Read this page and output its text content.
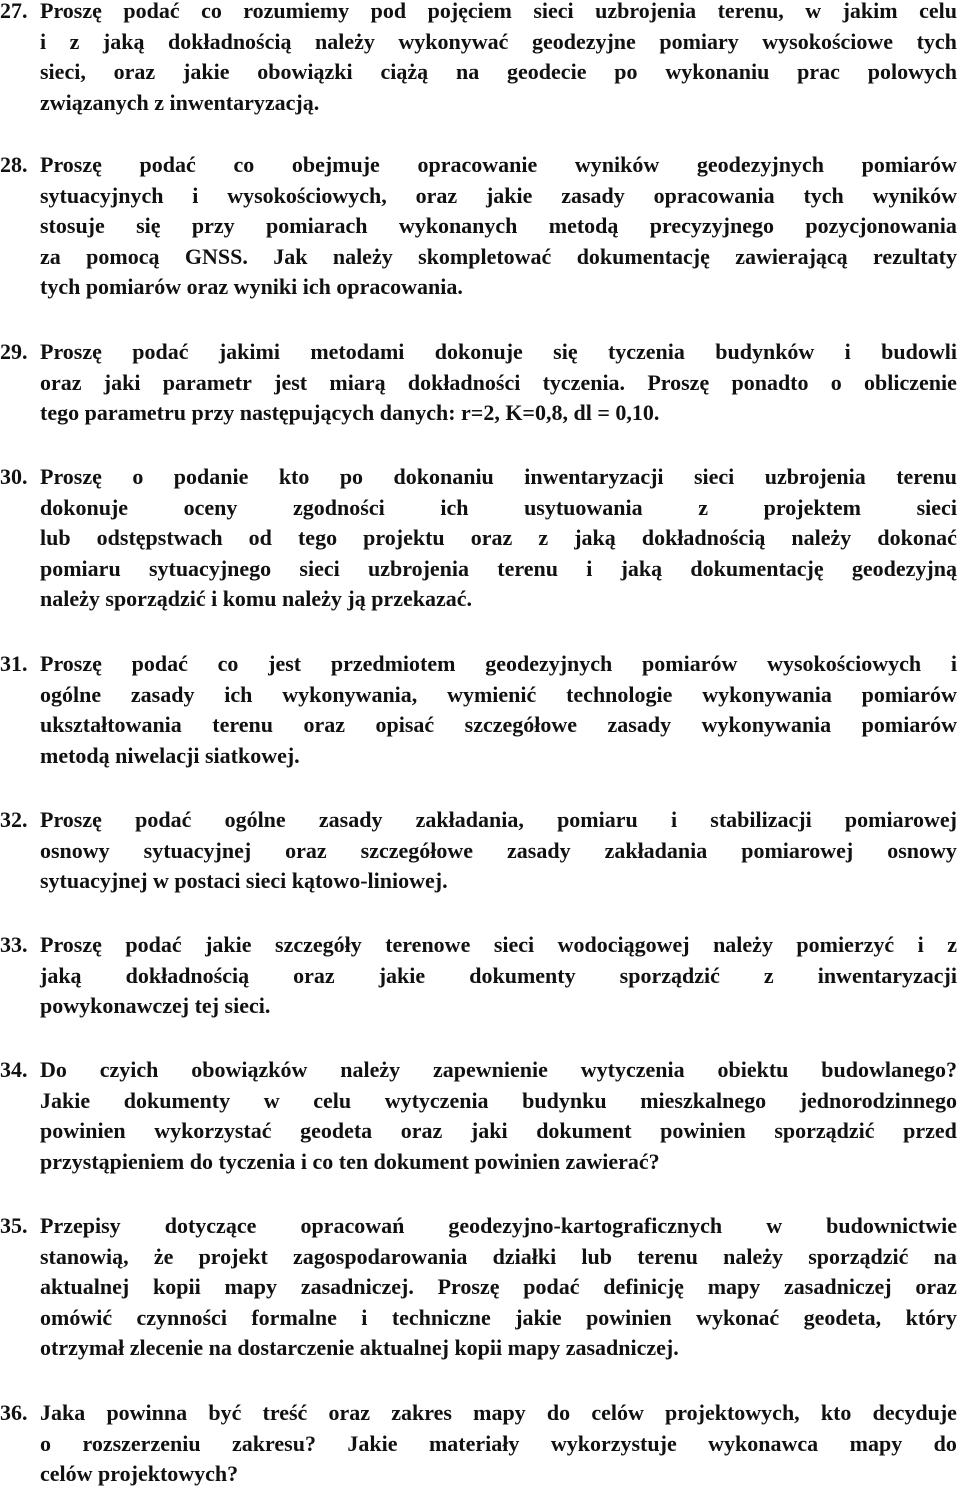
27. Proszę podać co rozumiemy pod pojęciem sieci uzbrojenia terenu, w jakim celu
i z jaką dokładnością należy wykonywać geodezyjne pomiary wysokościowe tych
sieci, oraz jakie obowiązki ciążą na geodecie po wykonaniu prac polowych
związanych z inwentaryzacją.
28. Proszę podać co obejmuje opracowanie wyników geodezyjnych pomiarów
sytuacyjnych i wysokościowych, oraz jakie zasady opracowania tych wyników
stosuje się przy pomiarach wykonanych metodą precyzyjnego pozycjonowania
za pomocą GNSS. Jak należy skompletować dokumentację zawierającą rezultaty
tych pomiarów oraz wyniki ich opracowania.
29. Proszę podać jakimi metodami dokonuje się tyczenia budynków i budowli
oraz jaki parametr jest miarą dokładności tyczenia. Proszę ponadto o obliczenie
tego parametru przy następujących danych: r=2, K=0,8, dl = 0,10.
30. Proszę o podanie kto po dokonaniu inwentaryzacji sieci uzbrojenia terenu
dokonuje	oceny	zgodności	ich	usytuowania	z	projektem	sieci
lub odstępstwach od tego projektu oraz z jaką dokładnością należy dokonać
pomiaru sytuacyjnego sieci uzbrojenia terenu i jaką dokumentację geodezyjną
należy sporządzić i komu należy ją przekazać.
31. Proszę podać co jest przedmiotem geodezyjnych pomiarów wysokościowych i
ogólne zasady ich wykonywania, wymienić technologie wykonywania pomiarów
ukształtowania terenu oraz opisać szczegółowe zasady wykonywania pomiarów
metodą niwelacji siatkowej.
32. Proszę podać ogólne zasady zakładania, pomiaru i stabilizacji pomiarowej
osnowy sytuacyjnej oraz szczegółowe zasady zakładania pomiarowej osnowy
sytuacyjnej w postaci sieci kątowo-liniowej.
33. Proszę podać jakie szczegóły terenowe sieci wodociągowej należy pomierzyć i z
jaką dokładnością oraz jakie dokumenty sporządzić z inwentaryzacji
powykonawczej tej sieci.
34. Do czyich obowiązków należy zapewnienie wytyczenia obiektu budowlanego?
Jakie dokumenty w celu wytyczenia budynku mieszkalnego jednorodzinnego
powinien wykorzystać geodeta oraz jaki dokument powinien sporządzić przed
przystąpieniem do tyczenia i co ten dokument powinien zawierać?
35. Przepisy dotyczące opracowań geodezyjno-kartograficznych w budownictwie
stanowią, że projekt zagospodarowania działki lub terenu należy sporządzić na
aktualnej kopii mapy zasadniczej. Proszę podać definicję mapy zasadniczej oraz
omówić czynności formalne i techniczne jakie powinien wykonać geodeta, który
otrzymał zlecenie na dostarczenie aktualnej kopii mapy zasadniczej.
36. Jaka powinna być treść oraz zakres mapy do celów projektowych, kto decyduje
o rozszerzeniu zakresu? Jakie materiały wykorzystuje wykonawca mapy do
celów projektowych?
